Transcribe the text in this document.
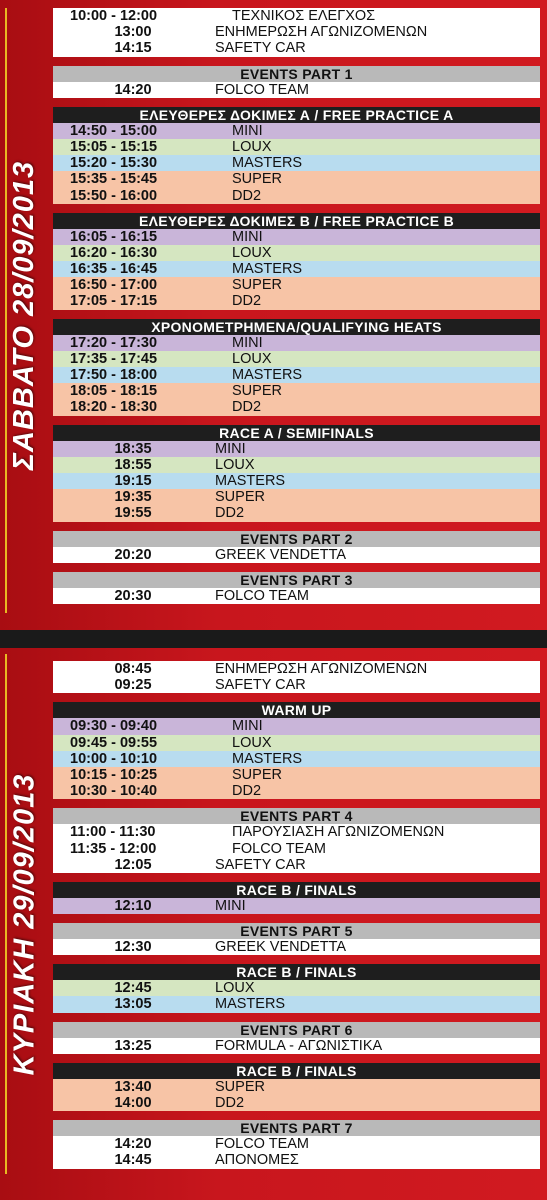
ΣΑΒΒΑΤΟ 28/09/2013
10:00 - 12:00	ΤΕΧΝΙΚΟΣ ΕΛΕΓΧΟΣ
13:00	ΕΝΗΜΕΡΩΣΗ ΑΓΩΝΙΖΟΜΕΝΩΝ
14:15	SAFETY CAR
EVENTS PART 1
14:20	FOLCO TEAM
ΕΛΕΥΘΕΡΕΣ ΔΟΚΙΜΕΣ Α / FREE PRACTICE A
14:50 - 15:00	MINI
15:05 - 15:15	LOUX
15:20 - 15:30	MASTERS
15:35 - 15:45	SUPER
15:50 - 16:00	DD2
ΕΛΕΥΘΕΡΕΣ ΔΟΚΙΜΕΣ Β / FREE PRACTICE B
16:05 - 16:15	MINI
16:20 - 16:30	LOUX
16:35 - 16:45	MASTERS
16:50 - 17:00	SUPER
17:05 - 17:15	DD2
ΧΡΟΝΟΜΕΤΡΗΜΕΝΑ/QUALIFYING HEATS
17:20 - 17:30	MINI
17:35 - 17:45	LOUX
17:50 - 18:00	MASTERS
18:05 - 18:15	SUPER
18:20 - 18:30	DD2
RACE A / SEMIFINALS
18:35	MINI
18:55	LOUX
19:15	MASTERS
19:35	SUPER
19:55	DD2
EVENTS PART 2
20:20	GREEK VENDETTA
EVENTS PART 3
20:30	FOLCO TEAM
ΚΥΡΙΑΚΗ 29/09/2013
08:45	ΕΝΗΜΕΡΩΣΗ ΑΓΩΝΙΖΟΜΕΝΩΝ
09:25	SAFETY CAR
WARM UP
09:30 - 09:40	MINI
09:45 - 09:55	LOUX
10:00 - 10:10	MASTERS
10:15 - 10:25	SUPER
10:30 - 10:40	DD2
EVENTS PART 4
11:00 - 11:30	ΠΑΡΟΥΣΙΑΣΗ ΑΓΩΝΙΖΟΜΕΝΩΝ
11:35 - 12:00	FOLCO TEAM
12:05	SAFETY CAR
RACE B / FINALS
12:10	MINI
EVENTS PART 5
12:30	GREEK VENDETTA
RACE B / FINALS
12:45	LOUX
13:05	MASTERS
EVENTS PART 6
13:25	FORMULA - ΑΓΩΝΙΣΤΙΚΑ
RACE B / FINALS
13:40	SUPER
14:00	DD2
EVENTS PART 7
14:20	FOLCO TEAM
14:45	ΑΠΟΝΟΜΕΣ
